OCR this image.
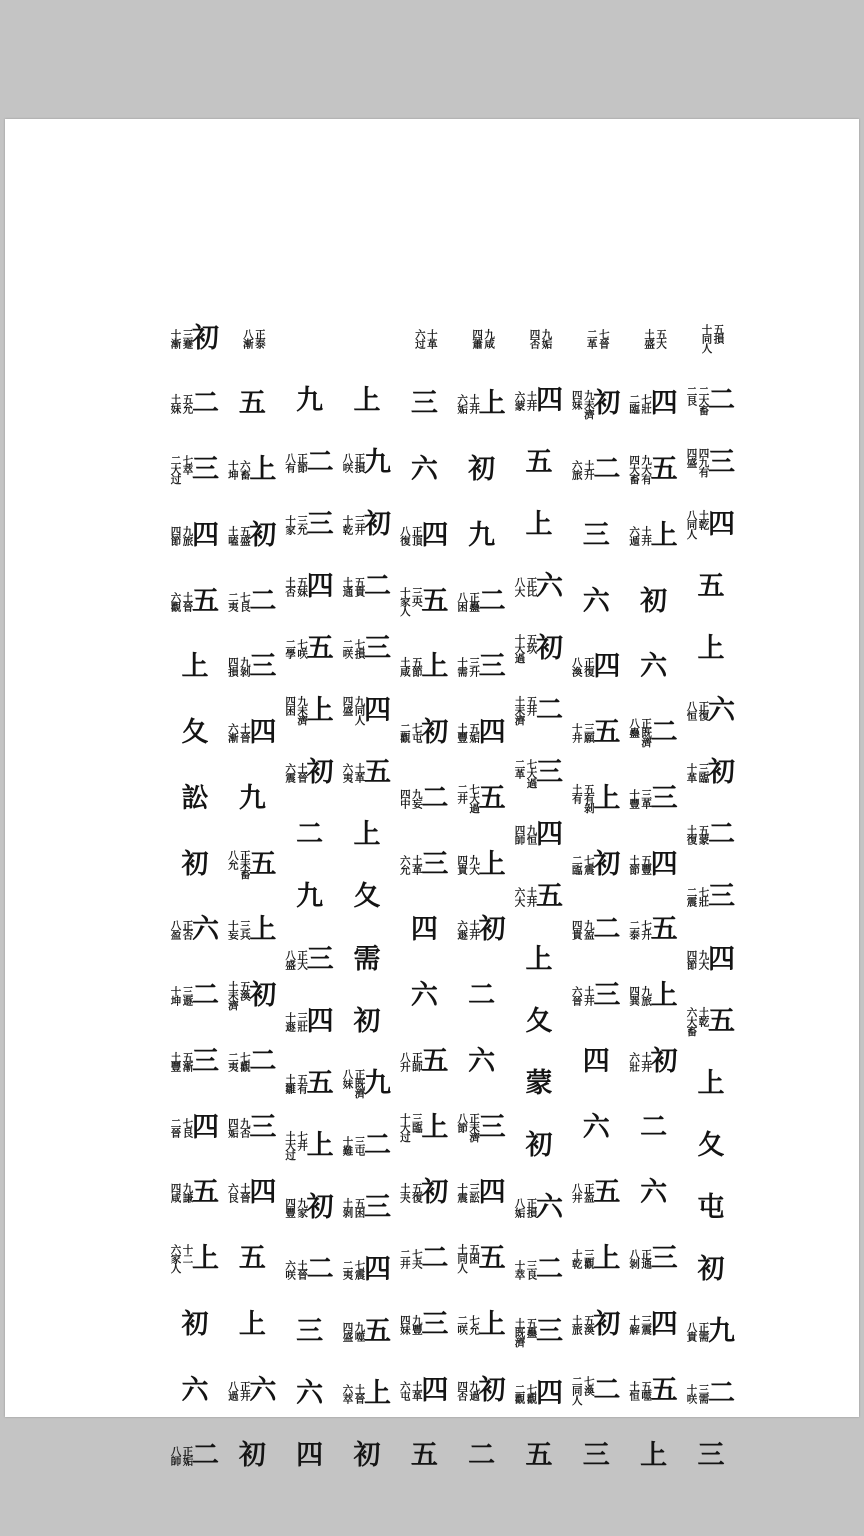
五損
十同人
二
二大畜
二艮
三
四九有
四盛
四
土乾
八同人
五
上
六
正復
八恒
初
三臨
十革
二
五蒙
土復
三
七壯
二震
四
九大
四節
五
土乾
六大畜
上
夂
屯
初
九
正需
八貴
二
三需
十咲
三
五大
土盛
四
七壯
二臨
五
九大有
四大畜
上
土井
六遁
初
六
二
正既濟
八蠱
三
三革
十豐
四
五豐
土節
五
七升
二泰
上
九旅
四巽
初
土井
六壯
二
六
三
正通
八剝
四
三震
十解
五
五噬
土恒
上
七晉
二革
初
九未濟
四妹
二
土升
六旅
三
六
四
正復
八渙
五
三願
十井
上
五有剝
土有
初
七震
二臨
二
九盈
四貴
三
土井
六晉
四
六
五
正盈
八井
上
三觀
十乾
初
五渙
土旅
二
七渙
二同人
三
九姤
四否
四
土井
六蒙
五
上
六
正比
八大
初
五坎
十大過
二
五井
土未濟
三
七大過
二革
四
九恒
四師
五
土井
六大
上
夂
蒙
初
六
正損
八姤
二
三良
十萃
三
五蠱
土既濟
四
七觀
二觀
五
九咸
四蕭
上
土井
六姤
初
九
二
正蠱
八困
三
三升
十需
四
五姤
土豐
五
七大過
二井
上
九大
四貴
初
土井
六遯
二
六
三
正未濟
八節
四
三訟
十震
五
五困
土同人
上
七允
二咲
初
九過
四否
二
十革
六过
三
六
四
正頂
八復
五
三央
十家人
上
五節
土咸
初
七屯
二觀
二
九妄
四中
三
土革
六允
四
六
五
正師
八升
上
三臨
十大过
初
五復
土夬
二
七夬
二井
三
九豐
四妹
四
土革
六屯
五
上
九
正損
八咲
初
三井
十乾
二
五貴
土通
三
七損
二咲
四
九同人
四盛
五
土革
六夷
上
夂
需
初
九
正既濟
八妹
二
三屯
十難
三
五困
土剝
四
七震
二夷
五
九噬
四盛
上
土晉
六萃
初
九
二
正節
八有
三
三允
十家
四
五妹
土否
五
七咲
二學
上
九未濟
四困
初
土晉
六震
二
九
三
正大
八盛
四
三壯
十遯
五
五有
土雛
上
七井
土大过
初
九家
四豐
二
土晉
六咲
三
六
四
正泰
八漸
五
上
六畜
十坤
初
五盛
土嗑
二
七艮
二夷
三
九剝
四損
四
土晉
六漸
九
五
正未畜
八允
上
三兵
十妄
初
五渙
土未濟
二
七觀
二夷
三
九否
四姤
四
土晉
六艮
五
上
六
正井
八過
初
初
三蹇
十漸
二
五允
土妹
三
七萃
二大过
四
九旅
四節
五
土晉
六觀
上
夂
訟
初
六
正否
八盈
二
三遯
十坤
三
五漸
土豐
四
七艮
二晉
五
九謙
四咸
上
十二
六家人
初
六
二
正姤
八師
